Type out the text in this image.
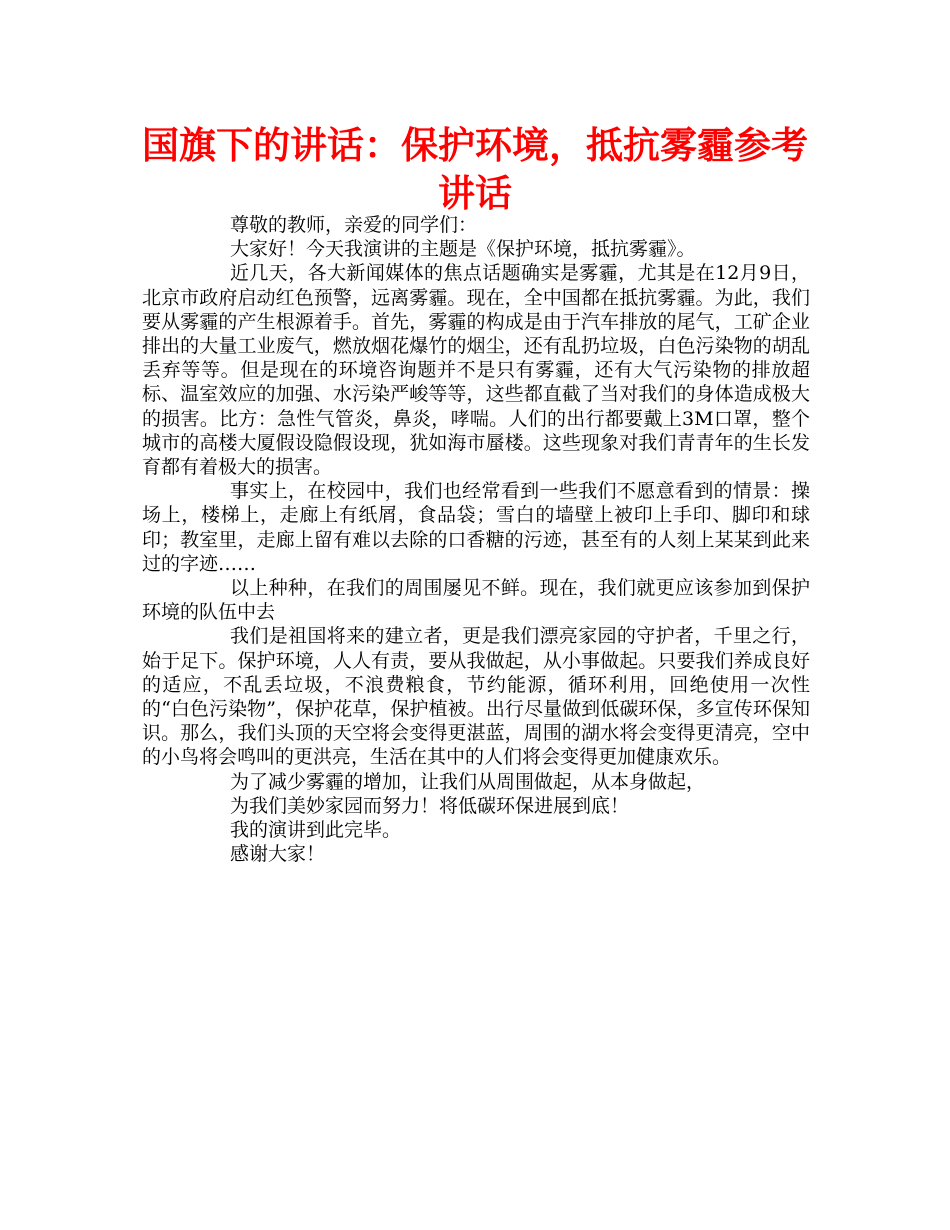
国旗下的讲话：保护环境，抵抗雾霾参考讲话

尊敬的教师，亲爱的同学们：

大家好！今天我演讲的主题是《保护环境，抵抗雾霾》。

近几天，各大新闻媒体的焦点话题确实是雾霾，尤其是在12月9日，北京市政府启动红色预警，远离雾霾。现在，全中国都在抵抗雾霾。为此，我们要从雾霾的产生根源着手。首先，雾霾的构成是由于汽车排放的尾气，工矿企业排出的大量工业废气，燃放烟花爆竹的烟尘，还有乱扔垃圾，白色污染物的胡乱丢弃等等。但是现在的环境咨询题并不是只有雾霾，还有大气污染物的排放超标、温室效应的加强、水污染严峻等等，这些都直截了当对我们的身体造成极大的损害。比方：急性气管炎，鼻炎，哮喘。人们的出行都要戴上3M口罩，整个城市的高楼大厦假设隐假设现，犹如海市蜃楼。这些现象对我们青青年的生长发育都有着极大的损害。

事实上，在校园中，我们也经常看到一些我们不愿意看到的情景：操场上，楼梯上，走廊上有纸屑，食品袋；雪白的墙壁上被印上手印、脚印和球印；教室里，走廊上留有难以去除的口香糖的污迹，甚至有的人刻上某某到此来过的字迹……

以上种种，在我们的周围屡见不鲜。现在，我们就更应该参加到保护环境的队伍中去

我们是祖国将来的建立者，更是我们漂亮家园的守护者，千里之行，始于足下。保护环境，人人有责，要从我做起，从小事做起。只要我们养成良好的适应，不乱丢垃圾，不浪费粮食，节约能源，循环利用，回绝使用一次性的“白色污染物”，保护花草，保护植被。出行尽量做到低碳环保，多宣传环保知识。那么，我们头顶的天空将会变得更湛蓝，周围的湖水将会变得更清亮，空中的小鸟将会鸣叫的更洪亮，生活在其中的人们将会变得更加健康欢乐。

为了减少雾霾的增加，让我们从周围做起，从本身做起，

为我们美妙家园而努力！将低碳环保进展到底！

我的演讲到此完毕。

感谢大家！
